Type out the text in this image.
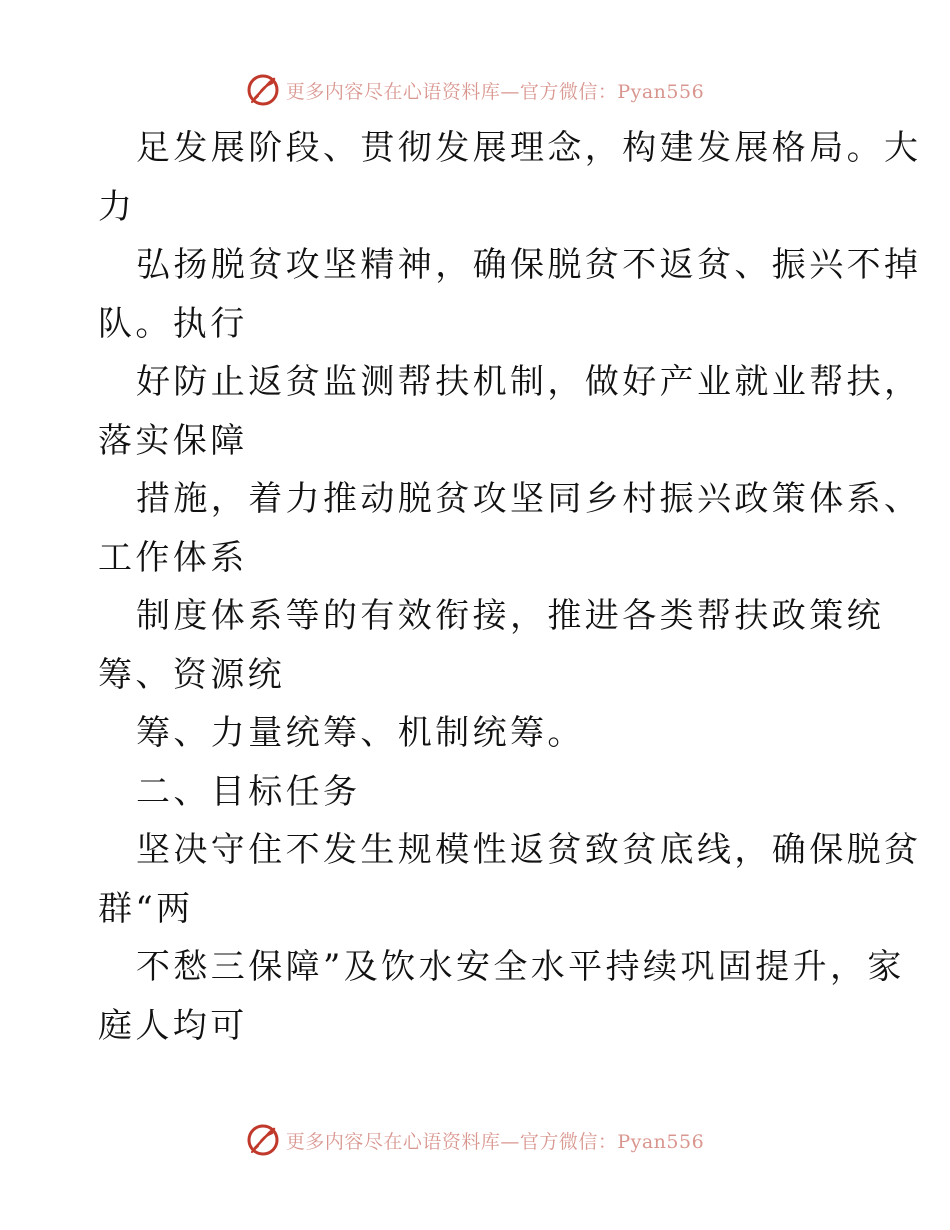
更多内容尽在心语资料库—官方微信：Pyan556
足发展阶段、贯彻发展理念，构建发展格局。大
力
弘扬脱贫攻坚精神，确保脱贫不返贫、振兴不掉
队。执行
好防止返贫监测帮扶机制，做好产业就业帮扶，
落实保障
措施，着力推动脱贫攻坚同乡村振兴政策体系、
工作体系
制度体系等的有效衔接，推进各类帮扶政策统
筹、资源统
筹、力量统筹、机制统筹。
二、目标任务
坚决守住不发生规模性返贫致贫底线，确保脱贫
群“两
不愁三保障”及饮水安全水平持续巩固提升，家
庭人均可
更多内容尽在心语资料库—官方微信：Pyan556
